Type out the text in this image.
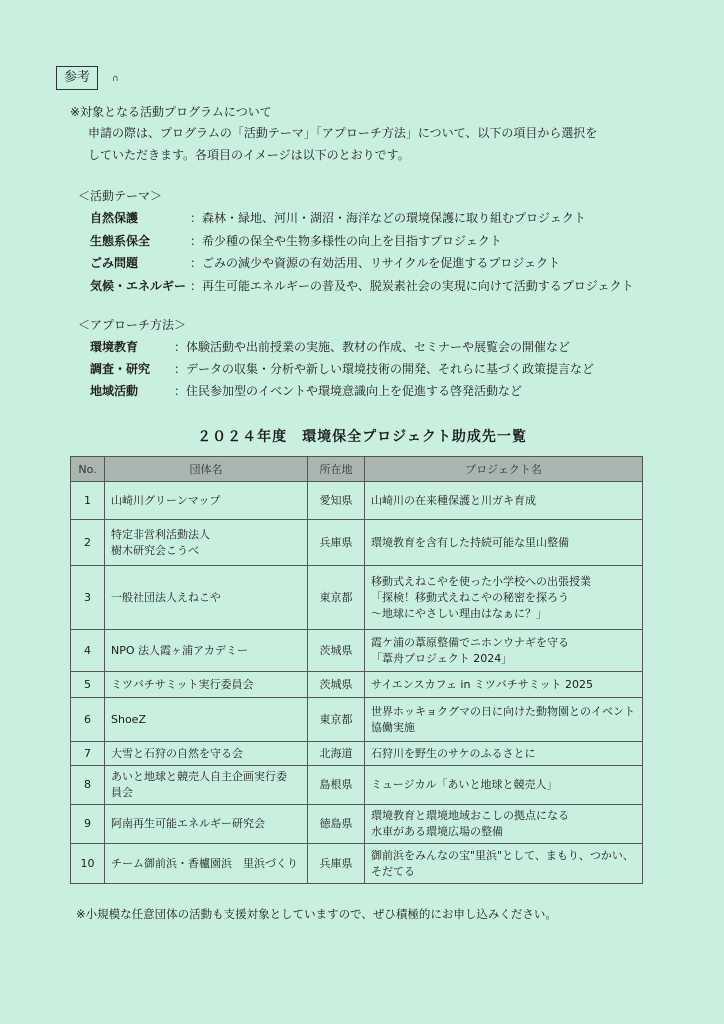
参考	∩
※対象となる活動プログラムについて
申請の際は、プログラムの「活動テーマ」「アプローチ方法」について、以下の項目から選択を
していただきます。各項目のイメージは以下のとおりです。
＜活動テーマ＞
自然保護	：森林・緑地、河川・湖沼・海洋などの環境保護に取り組むプロジェクト
生態系保全	：希少種の保全や生物多様性の向上を目指すプロジェクト
ごみ問題	：ごみの減少や資源の有効活用、リサイクルを促進するプロジェクト
気候・エネルギー ：再生可能エネルギーの普及や、脱炭素社会の実現に向けて活動するプロジェクト
＜アプローチ方法＞
環境教育	：体験活動や出前授業の実施、教材の作成、セミナーや展覧会の開催など
調査・研究 ：データの収集・分析や新しい環境技術の開発、それらに基づく政策提言など
地域活動	：住民参加型のイベントや環境意識向上を促進する啓発活動など
２０２４年度　環境保全プロジェクト助成先一覧
No.	団体名	所在地	プロジェクト名
1	山崎川グリーンマップ	愛知県	山崎川の在来種保護と川ガキ育成

2	特定非営利活動法人
樹木研究会こうべ	兵庫県	環境教育を含有した持続可能な里山整備

3	一般社団法人えねこや	東京都	移動式えねこやを使った小学校への出張授業
「探検！移動式えねこやの秘密を探ろう
～地球にやさしい理由はなぁに？」

4	NPO 法人霞ヶ浦アカデミー	茨城県	霞ケ浦の葦原整備でニホンウナギを守る
「葦舟プロジェクト 2024」

5	ミツバチサミット実行委員会	茨城県	サイエンスカフェ in ミツバチサミット 2025

6	ShoeZ	東京都	世界ホッキョクグマの日に向けた動物園とのイベント
協働実施

7	大雪と石狩の自然を守る会	北海道	石狩川を野生のサケのふるさとに

8	あいと地球と競売人自主企画実行委
員会	島根県	ミュージカル「あいと地球と競売人」

9	阿南再生可能エネルギー研究会	徳島県	環境教育と環境地域おこしの拠点になる
水車がある環境広場の整備

10	チーム御前浜・香櫨園浜　里浜づくり	兵庫県	御前浜をみんなの宝"里浜"として、まもり、つかい、
そだてる
※小規模な任意団体の活動も支援対象としていますので、ぜひ積極的にお申し込みください。
